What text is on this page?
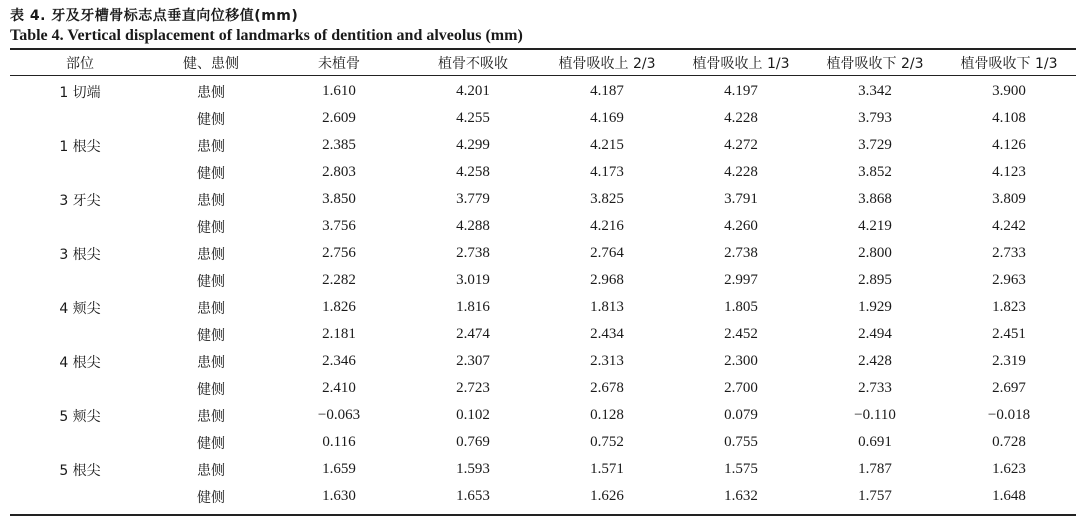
表 4. 牙及牙槽骨标志点垂直向位移值(mm)
Table 4. Vertical displacement of landmarks of dentition and alveolus (mm)
部位	健、患侧	未植骨	植骨不吸收	植骨吸收上 2/3	植骨吸收上 1/3	植骨吸收下 2/3	植骨吸收下 1/3
1 切端	患侧	1.610	4.201	4.187	4.197	3.342	3.900
	健侧	2.609	4.255	4.169	4.228	3.793	4.108
1 根尖	患侧	2.385	4.299	4.215	4.272	3.729	4.126
	健侧	2.803	4.258	4.173	4.228	3.852	4.123
3 牙尖	患侧	3.850	3.779	3.825	3.791	3.868	3.809
	健侧	3.756	4.288	4.216	4.260	4.219	4.242
3 根尖	患侧	2.756	2.738	2.764	2.738	2.800	2.733
	健侧	2.282	3.019	2.968	2.997	2.895	2.963
4 颊尖	患侧	1.826	1.816	1.813	1.805	1.929	1.823
	健侧	2.181	2.474	2.434	2.452	2.494	2.451
4 根尖	患侧	2.346	2.307	2.313	2.300	2.428	2.319
	健侧	2.410	2.723	2.678	2.700	2.733	2.697
5 颊尖	患侧	−0.063	0.102	0.128	0.079	−0.110	−0.018
	健侧	0.116	0.769	0.752	0.755	0.691	0.728
5 根尖	患侧	1.659	1.593	1.571	1.575	1.787	1.623
	健侧	1.630	1.653	1.626	1.632	1.757	1.648
